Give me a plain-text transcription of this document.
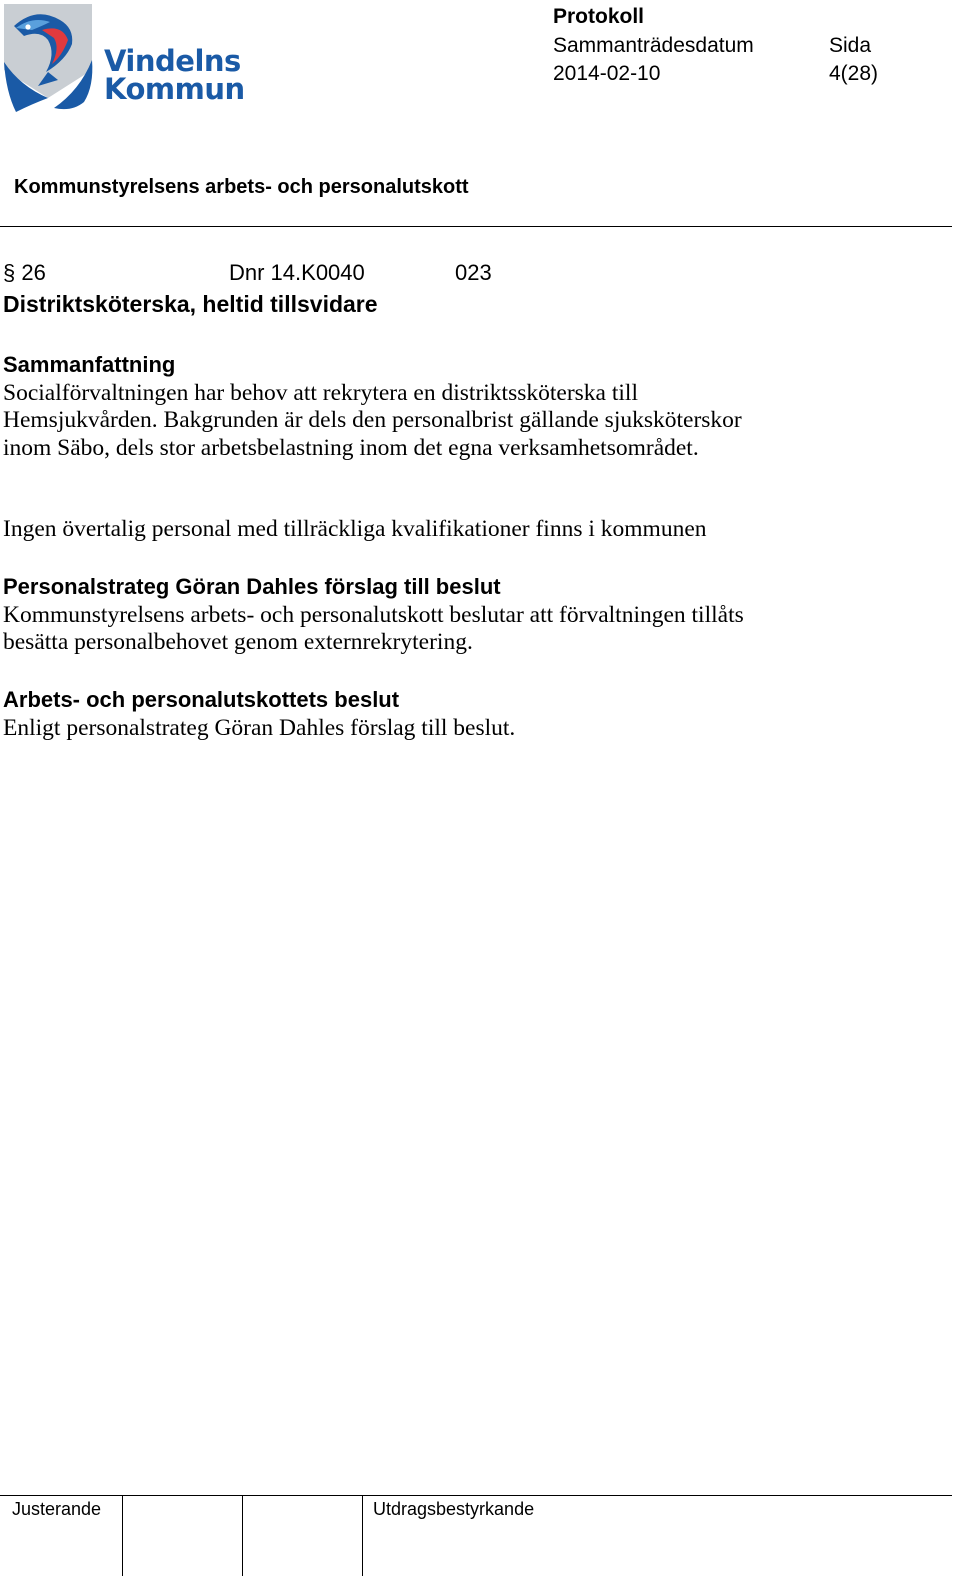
Vindelns
Kommun
Protokoll
Sammanträdesdatum
2014-02-10
Sida
4(28)
Kommunstyrelsens arbets- och personalutskott
§ 26	Dnr 14.K0040	023
Distriktsköterska, heltid tillsvidare
Sammanfattning
Socialförvaltningen har behov att rekrytera en distriktssköterska till Hemsjukvården. Bakgrunden är dels den personalbrist gällande sjuksköterskor inom Säbo, dels stor arbetsbelastning inom det egna verksamhetsområdet.
Ingen övertalig personal med tillräckliga kvalifikationer finns i kommunen
Personalstrateg Göran Dahles förslag till beslut
Kommunstyrelsens arbets- och personalutskott beslutar att förvaltningen tillåts besätta personalbehovet genom externrekrytering.
Arbets- och personalutskottets beslut
Enligt personalstrateg Göran Dahles förslag till beslut.
Justerande	Utdragsbestyrkande
